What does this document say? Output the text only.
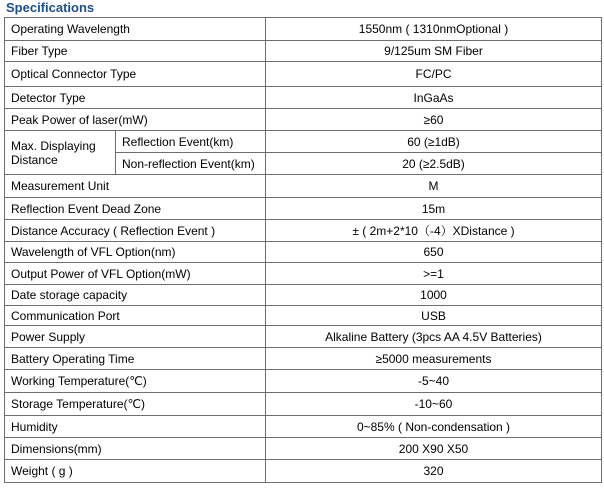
Specifications
Operating Wavelength		1550nm ( 1310nmOptional )
Fiber Type		9/125um SM Fiber
Optical Connector Type		FC/PC
Detector Type		InGaAs
Peak Power of laser(mW)		≥60
Max. Displaying Distance	Reflection Event(km)	60 (≥1dB)
	Non-reflection Event(km)	20 (≥2.5dB)
Measurement Unit		M
Reflection Event Dead Zone		15m
Distance Accuracy ( Reflection Event )		± ( 2m+2*10（-4）XDistance )
Wavelength of VFL Option(nm)		650
Output Power of VFL Option(mW)		>=1
Date storage capacity		1000
Communication Port		USB
Power Supply		Alkaline Battery (3pcs AA 4.5V Batteries)
Battery Operating Time		≥5000 measurements
Working Temperature(℃)		-5~40
Storage Temperature(℃)		-10~60
Humidity		0~85% ( Non-condensation )
Dimensions(mm)		200 X90 X50
Weight ( g )		320
